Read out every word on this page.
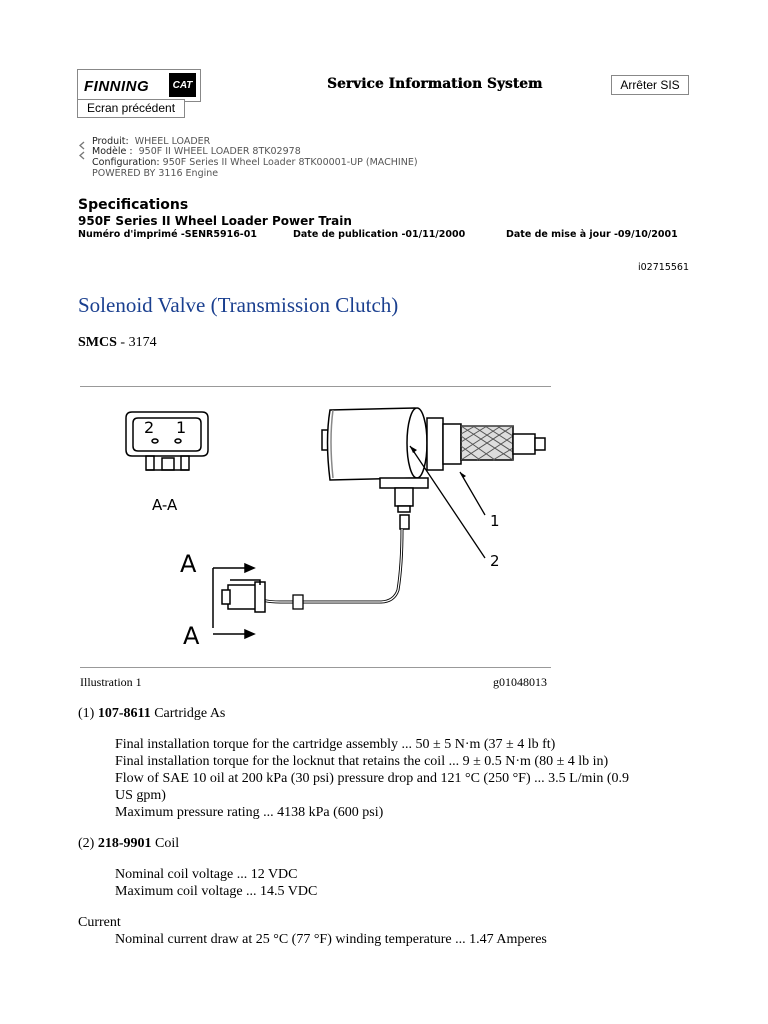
FINNING	CAT
Ecran précédent
Service Information System	Arrêter SIS
Produit: WHEEL LOADER
Modèle : 950F II WHEEL LOADER 8TK02978
Configuration: 950F Series II Wheel Loader 8TK00001-UP (MACHINE)
POWERED BY 3116 Engine
Specifications
950F Series II Wheel Loader Power Train
Numéro d'imprimé -SENR5916-01	Date de publication -01/11/2000	Date de mise à jour -09/10/2001
i02715561
Solenoid Valve (Transmission Clutch)
SMCS - 3174
2 1
A-A
A
A
1
2
Illustration 1	g01048013
(1) 107-8611 Cartridge As
Final installation torque for the cartridge assembly ... 50 ± 5 N·m (37 ± 4 lb ft)
Final installation torque for the locknut that retains the coil ... 9 ± 0.5 N·m (80 ± 4 lb in)
Flow of SAE 10 oil at 200 kPa (30 psi) pressure drop and 121 °C (250 °F) ... 3.5 L/min (0.9
US gpm)
Maximum pressure rating ... 4138 kPa (600 psi)
(2) 218-9901 Coil
Nominal coil voltage ... 12 VDC
Maximum coil voltage ... 14.5 VDC
Current
Nominal current draw at 25 °C (77 °F) winding temperature ... 1.47 Amperes
